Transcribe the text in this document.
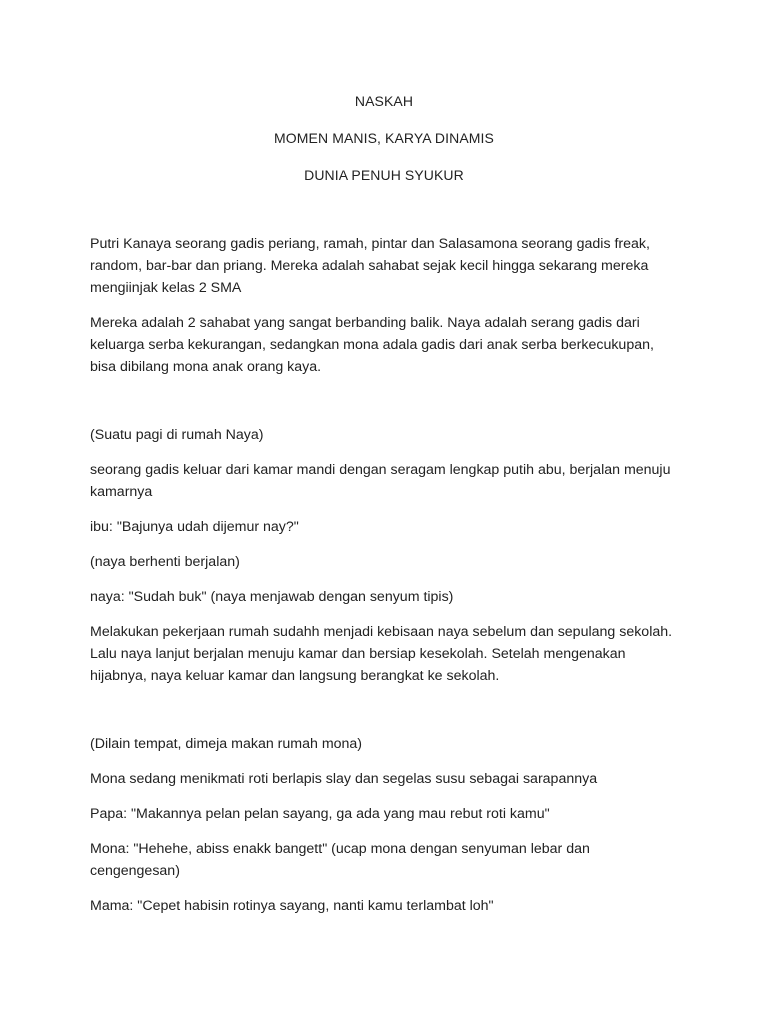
NASKAH
MOMEN MANIS, KARYA DINAMIS
DUNIA PENUH SYUKUR

Putri Kanaya seorang gadis periang, ramah, pintar dan Salasamona seorang gadis freak, random, bar-bar dan priang. Mereka adalah sahabat sejak kecil hingga sekarang mereka mengiinjak kelas 2 SMA

Mereka adalah 2 sahabat yang sangat berbanding balik. Naya adalah serang gadis dari keluarga serba kekurangan, sedangkan mona adala gadis dari anak serba berkecukupan, bisa dibilang mona anak orang kaya.

(Suatu pagi di rumah Naya)

seorang gadis keluar dari kamar mandi dengan seragam lengkap putih abu, berjalan menuju kamarnya

ibu: "Bajunya udah dijemur nay?"

(naya berhenti berjalan)

naya: "Sudah buk" (naya menjawab dengan senyum tipis)

Melakukan pekerjaan rumah sudahh menjadi kebisaan naya sebelum dan sepulang sekolah. Lalu naya lanjut berjalan menuju kamar dan bersiap kesekolah. Setelah mengenakan hijabnya, naya keluar kamar dan langsung berangkat ke sekolah.

(Dilain tempat, dimeja makan rumah mona)

Mona sedang menikmati roti berlapis slay dan segelas susu sebagai sarapannya

Papa: "Makannya pelan pelan sayang, ga ada yang mau rebut roti kamu"

Mona: "Hehehe, abiss enakk bangett" (ucap mona dengan senyuman lebar dan cengengesan)

Mama: "Cepet habisin rotinya sayang, nanti kamu terlambat loh"
